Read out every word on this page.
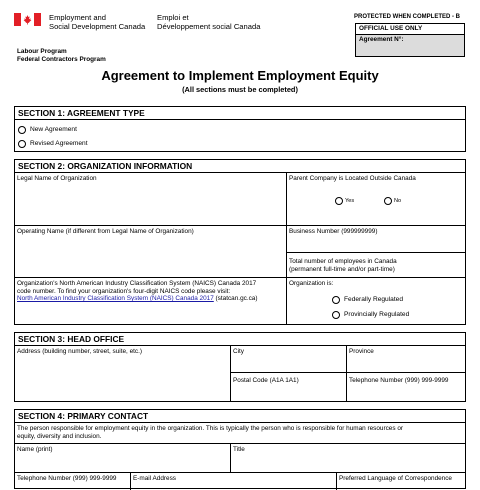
Employment and
Social Development Canada
Emploi et
Développement social Canada
PROTECTED WHEN COMPLETED - B
OFFICIAL USE ONLY
Agreement N°:
Labour Program
Federal Contractors Program
Agreement to Implement Employment Equity
(All sections must be completed)
SECTION 1: AGREEMENT TYPE
New Agreement
Revised Agreement
SECTION 2: ORGANIZATION INFORMATION
Legal Name of Organization	Parent Company is Located Outside Canada
Yes	No
Operating Name (if different from Legal Name of Organization)	Business Number (999999999)
Total number of employees in Canada
(permanent full-time and/or part-time)
Organization's North American Industry Classification System (NAICS) Canada 2017
code number. To find your organization's four-digit NAICS code please visit:
North American Industry Classification System (NAICS) Canada 2017 (statcan.gc.ca)
Organization is:
Federally Regulated
Provincially Regulated
SECTION 3: HEAD OFFICE
Address (building number, street, suite, etc.)	City	Province
Postal Code (A1A 1A1)	Telephone Number (999) 999-9999
SECTION 4: PRIMARY CONTACT
The person responsible for employment equity in the organization. This is typically the person who is responsible for human resources or
equity, diversity and inclusion.
Name (print)	Title
Telephone Number (999) 999-9999	E-mail Address	Preferred Language of Correspondence
